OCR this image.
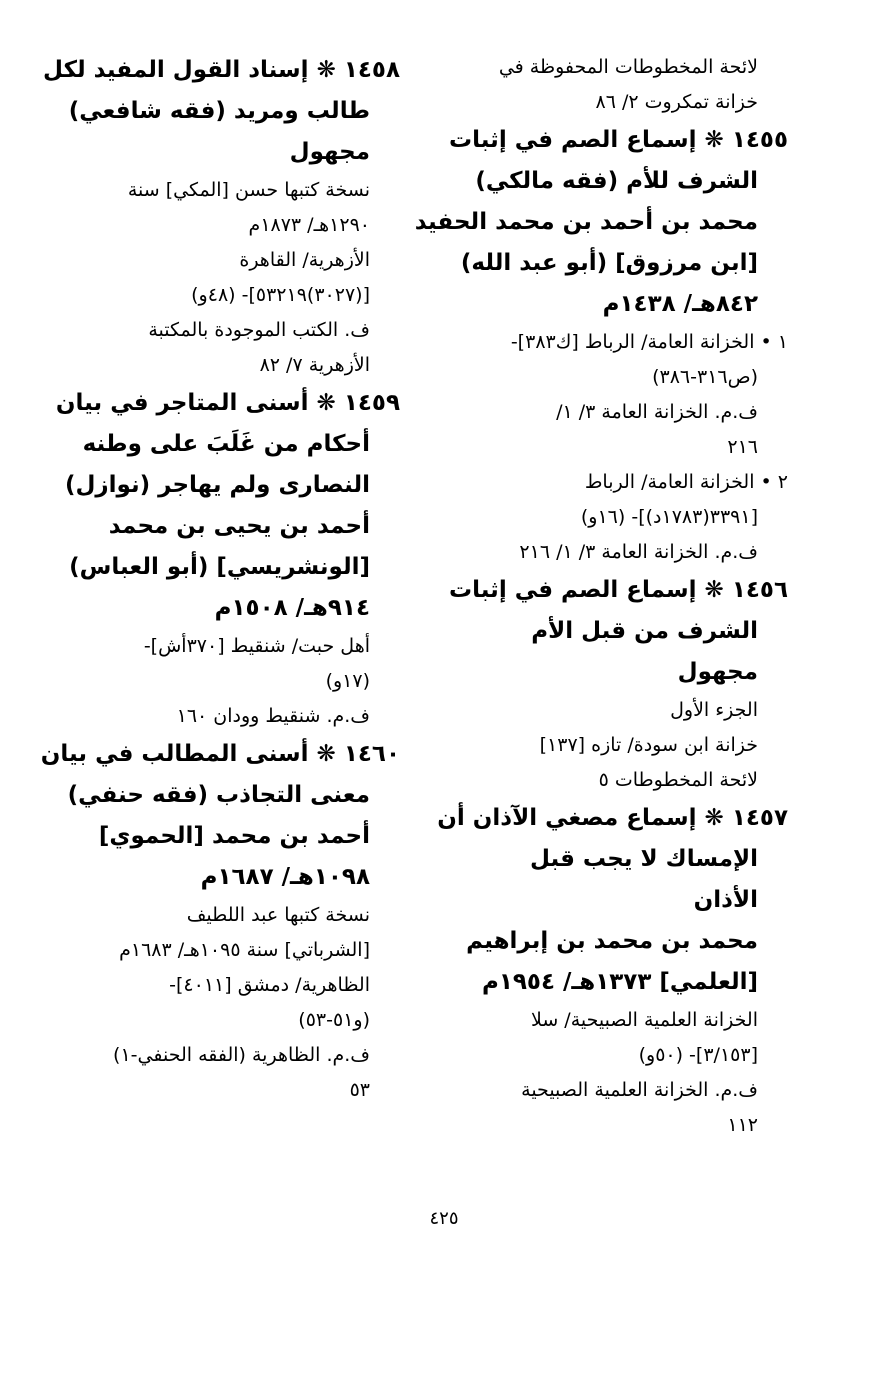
لائحة المخطوطات المحفوظة في
خزانة تمكروت ٢/ ٨٦
١٤٥٥ ❋ إسماع الصم في إثبات
الشرف للأم (فقه مالكي)
محمد بن أحمد بن محمد الحفيد
[ابن مرزوق] (أبو عبد الله)
٨٤٢هـ/ ١٤٣٨م
١ • الخزانة العامة/ الرباط [ك٣٨٣]-
(ص٣١٦-٣٨٦)
ف.م. الخزانة العامة ٣/ ١/
٢١٦
٢ • الخزانة العامة/ الرباط
[٣٣٩١(١٧٨٣د)]- (١٦و)
ف.م. الخزانة العامة ٣/ ١/ ٢١٦
١٤٥٦ ❋ إسماع الصم في إثبات
الشرف من قبل الأم
مجهول
الجزء الأول
خزانة ابن سودة/ تازه [١٣٧]
لائحة المخطوطات ٥
١٤٥٧ ❋ إسماع مصغي الآذان أن
الإمساك لا يجب قبل
الأذان
محمد بن محمد بن إبراهيم
[العلمي] ١٣٧٣هـ/ ١٩٥٤م
الخزانة العلمية الصبيحية/ سلا
[٣/١٥٣]- (٥٠و)
ف.م. الخزانة العلمية الصبيحية
١١٢
١٤٥٨ ❋ إسناد القول المفيد لكل
طالب ومريد (فقه شافعي)
مجهول
نسخة كتبها حسن [المكي] سنة
١٢٩٠هـ/ ١٨٧٣م
الأزهرية/ القاهرة
[(٣٠٢٧)٥٣٢١٩]- (٤٨و)
ف. الكتب الموجودة بالمكتبة
الأزهرية ٧/ ٨٢
١٤٥٩ ❋ أسنى المتاجر في بيان
أحكام من غَلَبَ على وطنه
النصارى ولم يهاجر (نوازل)
أحمد بن يحيى بن محمد
[الونشريسي] (أبو العباس)
٩١٤هـ/ ١٥٠٨م
أهل حبت/ شنقيط [٣٧٠أش]-
(١٧و)
ف.م. شنقيط وودان ١٦٠
١٤٦٠ ❋ أسنى المطالب في بيان
معنى التجاذب (فقه حنفي)
أحمد بن محمد [الحموي]
١٠٩٨هـ/ ١٦٨٧م
نسخة كتبها عبد اللطيف
[الشرباتي] سنة ١٠٩٥هـ/ ١٦٨٣م
الظاهرية/ دمشق [٤٠١١]-
(و٥١-٥٣)
ف.م. الظاهرية (الفقه الحنفي-١)
٥٣
٤٢٥
